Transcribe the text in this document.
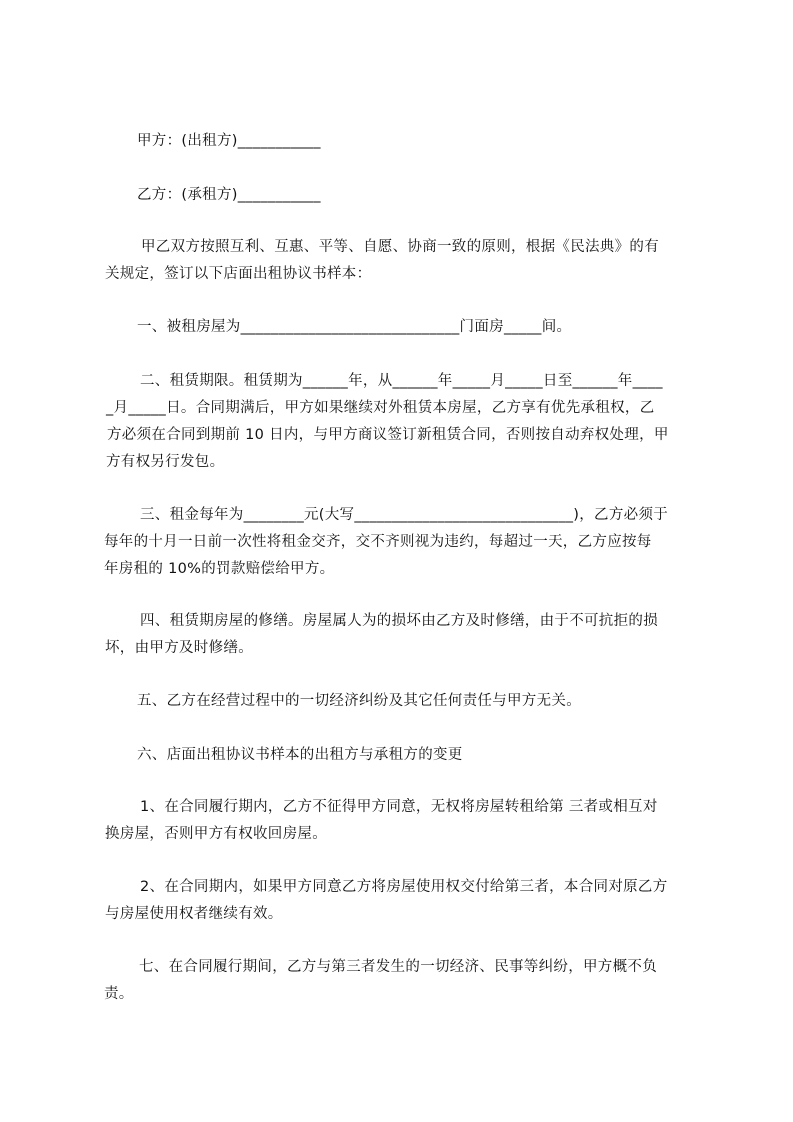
甲方：(出租方)___________
乙方：(承租方)___________
甲乙双方按照互利、互惠、平等、自愿、协商一致的原则，根据《民法典》的有
关规定，签订以下店面出租协议书样本：
一、被租房屋为_____________________________门面房_____间。
二、租赁期限。租赁期为______年，从______年_____月_____日至______年____
_月_____日。合同期满后，甲方如果继续对外租赁本房屋，乙方享有优先承租权，乙
方必须在合同到期前 10 日内，与甲方商议签订新租赁合同，否则按自动弃权处理，甲
方有权另行发包。
三、租金每年为________元(大写_____________________________)，乙方必须于
每年的十月一日前一次性将租金交齐，交不齐则视为违约，每超过一天，乙方应按每
年房租的 10%的罚款赔偿给甲方。
四、租赁期房屋的修缮。房屋属人为的损坏由乙方及时修缮，由于不可抗拒的损
坏，由甲方及时修缮。
五、乙方在经营过程中的一切经济纠纷及其它任何责任与甲方无关。
六、店面出租协议书样本的出租方与承租方的变更
1、在合同履行期内，乙方不征得甲方同意，无权将房屋转租给第 三者或相互对
换房屋，否则甲方有权收回房屋。
2、在合同期内，如果甲方同意乙方将房屋使用权交付给第三者，本合同对原乙方
与房屋使用权者继续有效。
七、在合同履行期间，乙方与第三者发生的一切经济、民事等纠纷，甲方概不负
责。
